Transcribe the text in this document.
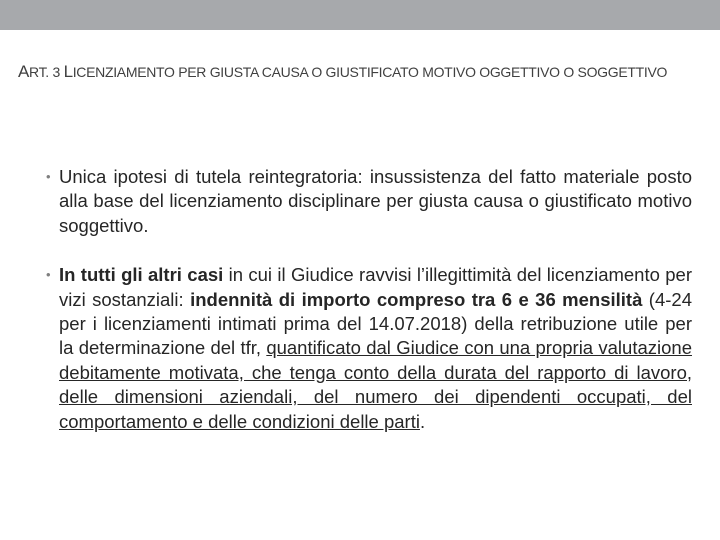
ART. 3 LICENZIAMENTO PER GIUSTA CAUSA O GIUSTIFICATO MOTIVO OGGETTIVO O SOGGETTIVO
• Unica ipotesi di tutela reintegratoria: insussistenza del fatto materiale posto alla base del licenziamento disciplinare per giusta causa o giustificato motivo soggettivo.
• In tutti gli altri casi in cui il Giudice ravvisi l’illegittimità del licenziamento per vizi sostanziali: indennità di importo compreso tra 6 e 36 mensilità (4-24 per i licenziamenti intimati prima del 14.07.2018) della retribuzione utile per la determinazione del tfr, quantificato dal Giudice con una propria valutazione debitamente motivata, che tenga conto della durata del rapporto di lavoro, delle dimensioni aziendali, del numero dei dipendenti occupati, del comportamento e delle condizioni delle parti.
